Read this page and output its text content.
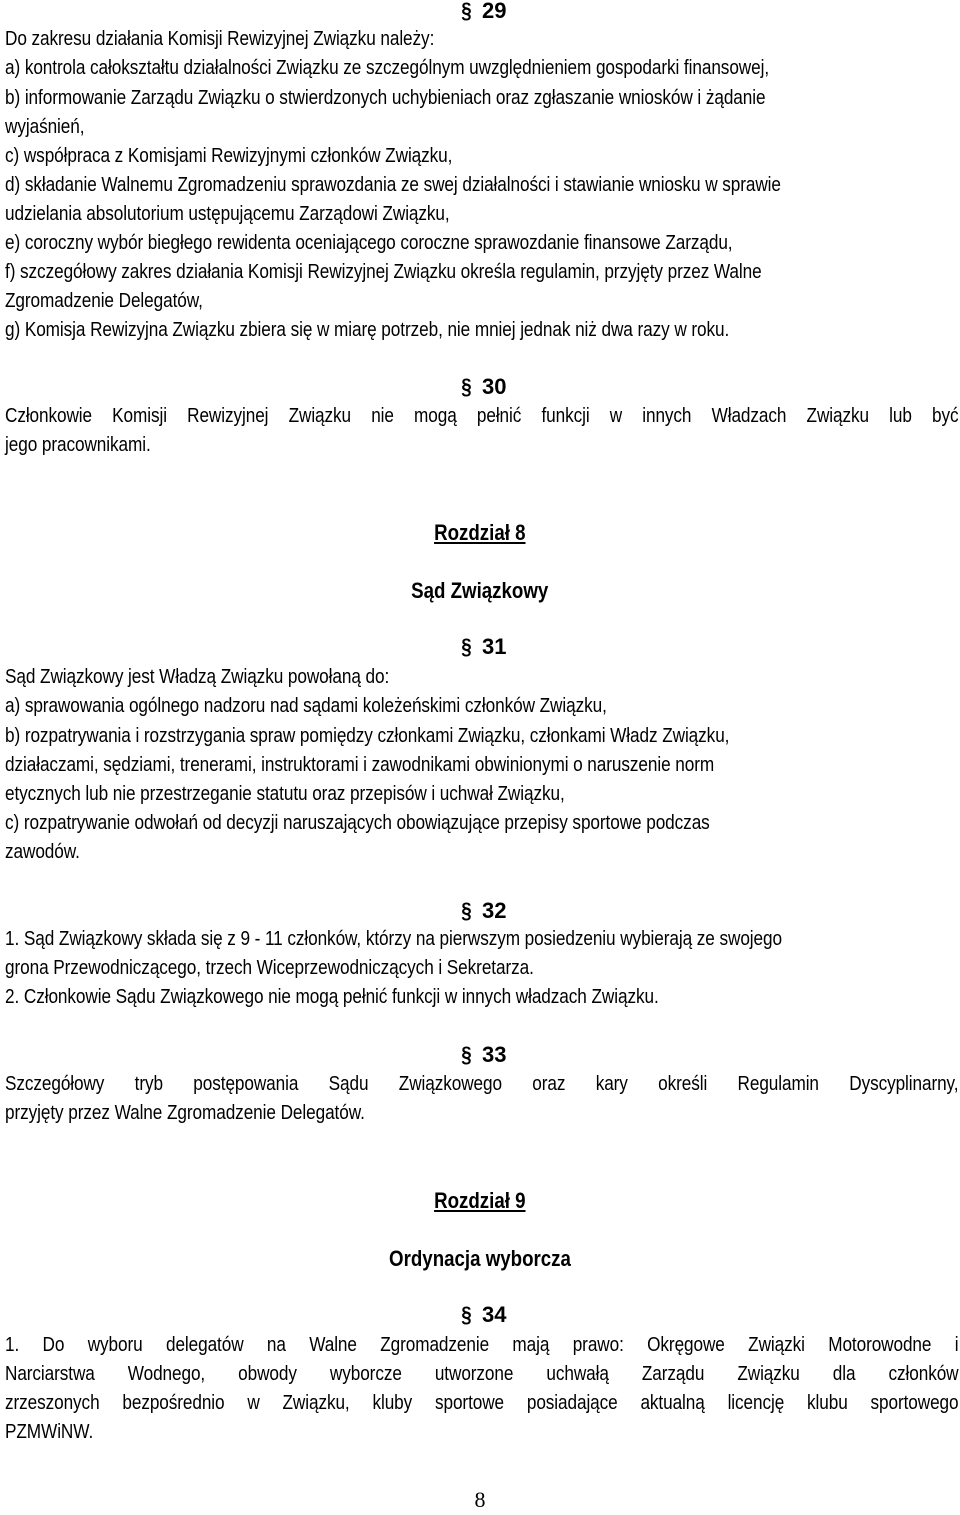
§ 29
Do zakresu działania Komisji Rewizyjnej Związku należy:
a) kontrola całokształtu działalności Związku ze szczególnym uwzględnieniem gospodarki finansowej,
b) informowanie Zarządu Związku o stwierdzonych uchybieniach oraz zgłaszanie wniosków i żądanie
wyjaśnień,
c) współpraca z Komisjami Rewizyjnymi członków Związku,
d) składanie Walnemu Zgromadzeniu sprawozdania ze swej działalności i stawianie wniosku w sprawie
udzielania absolutorium ustępującemu Zarządowi Związku,
e) coroczny wybór biegłego rewidenta oceniającego coroczne sprawozdanie finansowe Zarządu,
f) szczegółowy zakres działania Komisji Rewizyjnej Związku określa regulamin, przyjęty przez Walne
Zgromadzenie Delegatów,
g) Komisja Rewizyjna Związku zbiera się w miarę potrzeb, nie mniej jednak niż dwa razy w roku.
§ 30
Członkowie Komisji Rewizyjnej Związku nie mogą pełnić funkcji w innych Władzach Związku lub być
jego pracownikami.
Rozdział 8
Sąd Związkowy
§ 31
Sąd Związkowy jest Władzą Związku powołaną do:
a) sprawowania ogólnego nadzoru nad sądami koleżeńskimi członków Związku,
b) rozpatrywania i rozstrzygania spraw pomiędzy członkami Związku, członkami Władz Związku,
działaczami, sędziami, trenerami, instruktorami i zawodnikami obwinionymi o naruszenie norm
etycznych lub nie przestrzeganie statutu oraz przepisów i uchwał Związku,
c) rozpatrywanie odwołań od decyzji naruszających obowiązujące przepisy sportowe podczas
zawodów.
§ 32
1. Sąd Związkowy składa się z 9 - 11 członków, którzy na pierwszym posiedzeniu wybierają ze swojego
grona Przewodniczącego, trzech Wiceprzewodniczących i Sekretarza.
2. Członkowie Sądu Związkowego nie mogą pełnić funkcji w innych władzach Związku.
§ 33
Szczegółowy tryb postępowania Sądu Związkowego oraz kary określi Regulamin Dyscyplinarny,
przyjęty przez Walne Zgromadzenie Delegatów.
Rozdział 9
Ordynacja wyborcza
§ 34
1. Do wyboru delegatów na Walne Zgromadzenie mają prawo: Okręgowe Związki Motorowodne i
Narciarstwa Wodnego, obwody wyborcze utworzone uchwałą Zarządu Związku dla członków
zrzeszonych bezpośrednio w Związku, kluby sportowe posiadające aktualną licencję klubu sportowego
PZMWiNW.
8
